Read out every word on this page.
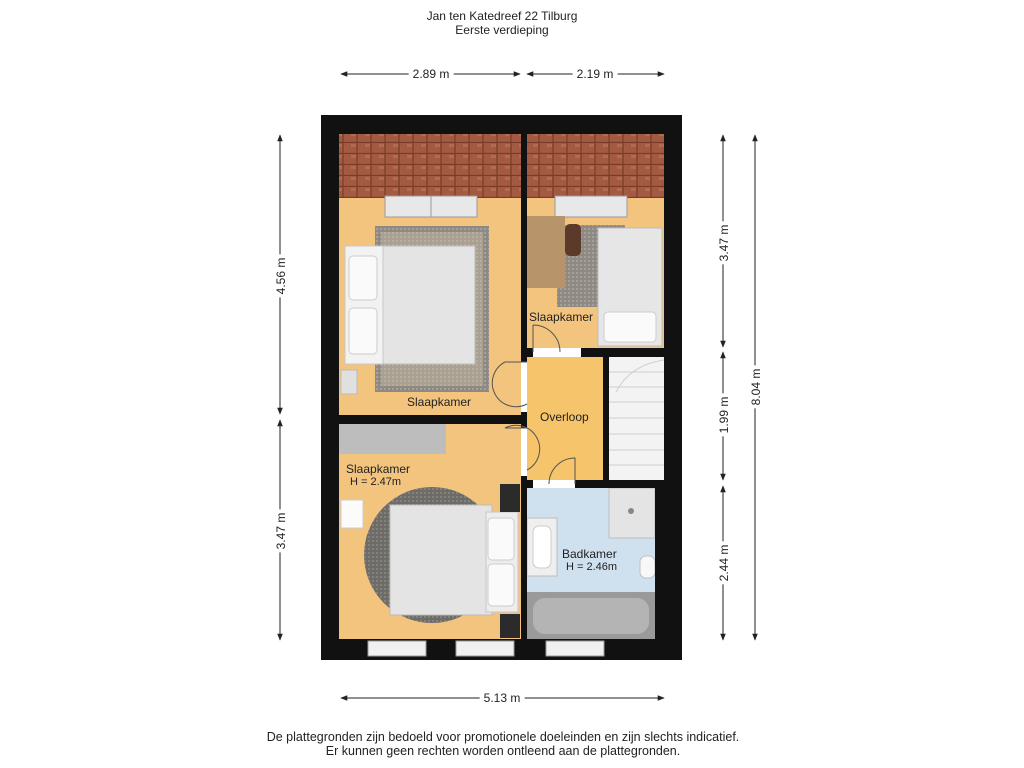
Jan ten Katedreef 22 Tilburg
Eerste verdieping
2.89 m	2.19 m
5.13 m
4.56 m
3.47 m
3.47 m
1.99 m
2.44 m
8.04 m
Slaapkamer
Slaapkamer
Slaapkamer
H = 2.47m
Overloop
Badkamer
H = 2.46m
De plattegronden zijn bedoeld voor promotionele doeleinden en zijn slechts indicatief.
Er kunnen geen rechten worden ontleend aan de plattegronden.
